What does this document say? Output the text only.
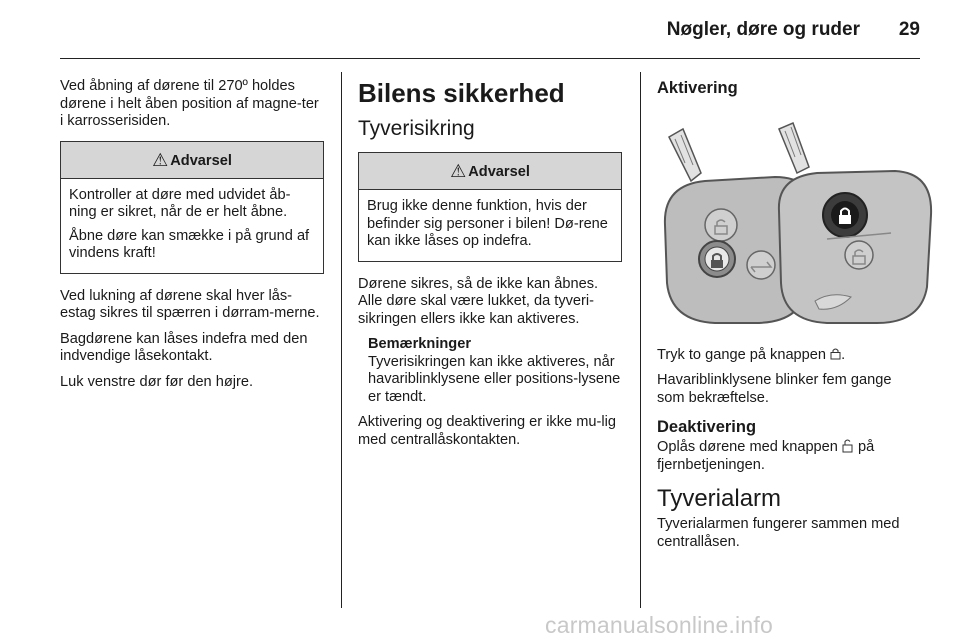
Nøgler, døre og ruder 29

Ved åbning af dørene til 270º holdes dørene i helt åben position af magne-ter i karrosserisiden.

⚠ Advarsel

Kontroller at døre med udvidet åb-ning er sikret, når de er helt åbne.

Åbne døre kan smække i på grund af vindens kraft!

Ved lukning af dørene skal hver lås-estag sikres til spærren i dørram-merne.

Bagdørene kan låses indefra med den indvendige låsekontakt.

Luk venstre dør før den højre.

Bilens sikkerhed
Tyverisikring
⚠ Advarsel

Brug ikke denne funktion, hvis der befinder sig personer i bilen! Dø-rene kan ikke låses op indefra.

Dørene sikres, så de ikke kan åbnes. Alle døre skal være lukket, da tyveri-sikringen ellers ikke kan aktiveres.

Bemærkninger
Tyverisikringen kan ikke aktiveres, når havariblinklysene eller positions-lysene er tændt.

Aktivering og deaktivering er ikke mu-lig med centrallåskontakten.

Aktivering

Tryk to gange på knappen .

Havariblinklysene blinker fem gange som bekræftelse.

Deaktivering

Oplås dørene med knappen på fjernbetjeningen.

Tyverialarm

Tyverialarmen fungerer sammen med centrallåsen.

carmanualsonline.info
